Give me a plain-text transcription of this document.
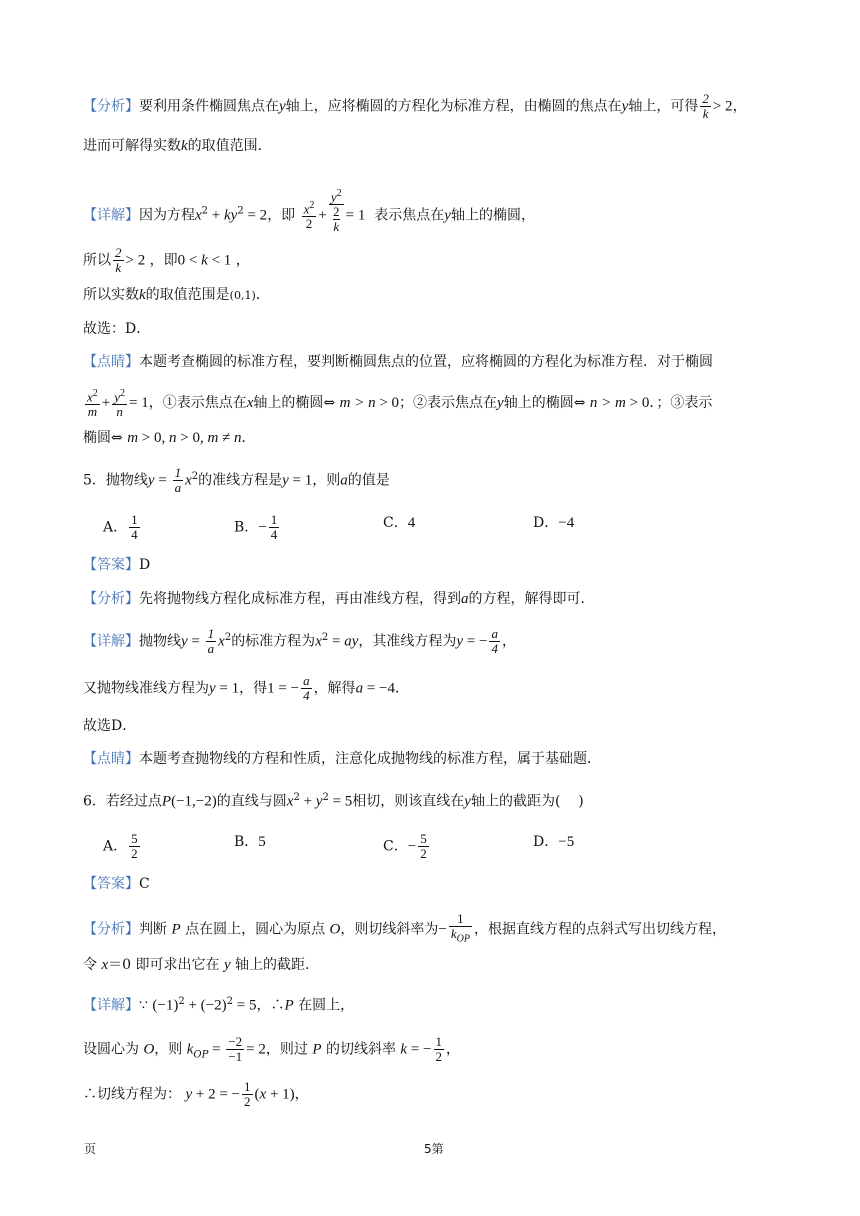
【分析】要利用条件椭圆焦点在y轴上，应将椭圆的方程化为标准方程，由椭圆的焦点在y轴上，可得 $\frac{2}{k} > 2$，
进而可解得实数k的取值范围．
【详解】因为方程$x^2 + ky^2 = 2$，即 $\frac{x^2}{2}$ +
$y^2$
2
k
= 1  表示焦点在y轴上的椭圆，
所以 $\frac{2}{k} > 2$ ，即0 < k < 1 ，
所以实数k的取值范围是(0,1)．
故选：D．
【点睛】本题考查椭圆的标准方程，要判断椭圆焦点的位置，应将椭圆的方程化为标准方程．对于椭圆
$\frac{x^2}{m} + \frac{y^2}{n} = 1$，①表示焦点在x轴上的椭圆⇔ m > n > 0；②表示焦点在y轴上的椭圆⇔ n > m > 0．；③表示
椭圆⇔ m > 0, n > 0, m ≠ n．
5．抛物线$y = \frac{1}{a} x^2$的准线方程是y = 1，则a的值是
A． $\frac{1}{4}$	B．− $\frac{1}{4}$	C．4	D．−4
【答案】D
【分析】先将抛物线方程化成标准方程，再由准线方程，得到a的方程，解得即可．
【详解】抛物线$y = \frac{1}{a} x^2$的标准方程为$x^2$ = ay，其准线方程为y = − $\frac{a}{4}$ ，
又抛物线准线方程为y = 1，得1 = − $\frac{a}{4}$ ，解得a = −4．
故选D．
【点睛】本题考查抛物线的方程和性质，注意化成抛物线的标准方程，属于基础题．
6．若经过点P(−1,−2)的直线与圆$x^2 + y^2 = 5$相切，则该直线在y轴上的截距为(    )
A． $\frac{5}{2}$	B．5	C．− $\frac{5}{2}$	D．−5
【答案】C
【分析】判断 P 点在圆上，圆心为原点 O，则切线斜率为− $\frac{1}{k_{OP}}$ ，根据直线方程的点斜式写出切线方程，
令 x＝0 即可求出它在 y 轴上的截距.
【详解】∵ $(-1)^2 + (-2)^2 = 5$，∴P 在圆上，
设圆心为 O，则 $k_{OP} = \frac{-2}{-1} = 2$，则过 P 的切线斜率 k = − $\frac{1}{2}$ ，
∴切线方程为： y + 2 = − $\frac{1}{2} (x + 1)$，
页	5第
